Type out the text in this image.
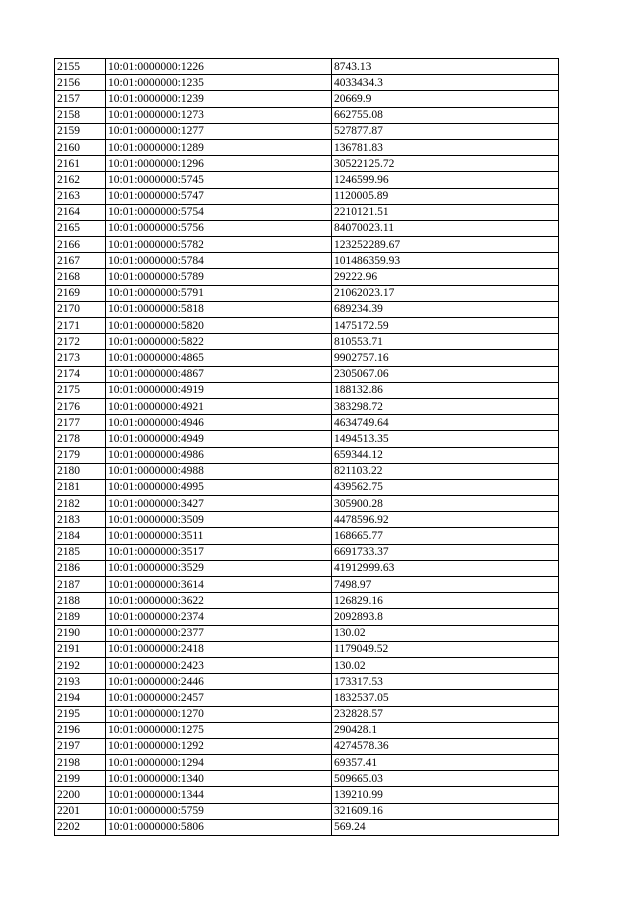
2155	10:01:0000000:1226	8743.13
2156	10:01:0000000:1235	4033434.3
2157	10:01:0000000:1239	20669.9
2158	10:01:0000000:1273	662755.08
2159	10:01:0000000:1277	527877.87
2160	10:01:0000000:1289	136781.83
2161	10:01:0000000:1296	30522125.72
2162	10:01:0000000:5745	1246599.96
2163	10:01:0000000:5747	1120005.89
2164	10:01:0000000:5754	2210121.51
2165	10:01:0000000:5756	84070023.11
2166	10:01:0000000:5782	123252289.67
2167	10:01:0000000:5784	101486359.93
2168	10:01:0000000:5789	29222.96
2169	10:01:0000000:5791	21062023.17
2170	10:01:0000000:5818	689234.39
2171	10:01:0000000:5820	1475172.59
2172	10:01:0000000:5822	810553.71
2173	10:01:0000000:4865	9902757.16
2174	10:01:0000000:4867	2305067.06
2175	10:01:0000000:4919	188132.86
2176	10:01:0000000:4921	383298.72
2177	10:01:0000000:4946	4634749.64
2178	10:01:0000000:4949	1494513.35
2179	10:01:0000000:4986	659344.12
2180	10:01:0000000:4988	821103.22
2181	10:01:0000000:4995	439562.75
2182	10:01:0000000:3427	305900.28
2183	10:01:0000000:3509	4478596.92
2184	10:01:0000000:3511	168665.77
2185	10:01:0000000:3517	6691733.37
2186	10:01:0000000:3529	41912999.63
2187	10:01:0000000:3614	7498.97
2188	10:01:0000000:3622	126829.16
2189	10:01:0000000:2374	2092893.8
2190	10:01:0000000:2377	130.02
2191	10:01:0000000:2418	1179049.52
2192	10:01:0000000:2423	130.02
2193	10:01:0000000:2446	173317.53
2194	10:01:0000000:2457	1832537.05
2195	10:01:0000000:1270	232828.57
2196	10:01:0000000:1275	290428.1
2197	10:01:0000000:1292	4274578.36
2198	10:01:0000000:1294	69357.41
2199	10:01:0000000:1340	509665.03
2200	10:01:0000000:1344	139210.99
2201	10:01:0000000:5759	321609.16
2202	10:01:0000000:5806	569.24
